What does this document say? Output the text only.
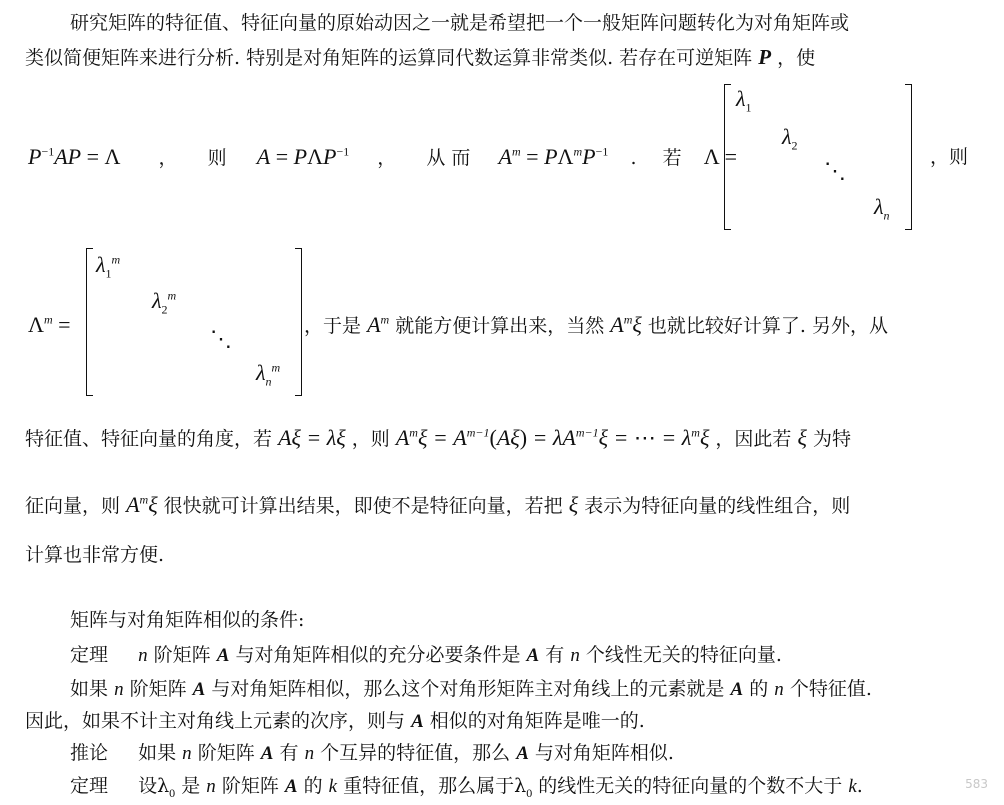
研究矩阵的特征值、特征向量的原始动因之一就是希望把一个一般矩阵问题转化为对角矩阵或
类似简便矩阵来进行分析. 特别是对角矩阵的运算同代数运算非常类似. 若存在可逆矩阵 P ，使
$P^{-1}AP = \Lambda$ ，  则 $A = P\Lambda P^{-1}$ ，  从 而 $A^m = P\Lambda^mP^{-1}$ .  若 Λ =
$\lambda_1$
$\lambda_2$
⋱
$\lambda_n$
，则
$\Lambda^m$ =
$\lambda_1^m$
$\lambda_2^m$
⋱
$\lambda_n^m$
，于是 $A^m$ 就能方便计算出来，当然 $A^m\xi$ 也就比较好计算了. 另外，从
特征值、特征向量的角度，若 Aξ = λξ ，则 $A^m\xi = A^{m-1}(A\xi) = \lambda A^{m-1}\xi$ = ⋯ = $\lambda^m\xi$ ，因此若 ξ 为特
征向量，则 $A^m\xi$ 很快就可计算出结果，即使不是特征向量，若把 ξ 表示为特征向量的线性组合，则
计算也非常方便.
矩阵与对角矩阵相似的条件:
定理 n 阶矩阵 A 与对角矩阵相似的充分必要条件是 A 有 n 个线性无关的特征向量.
如果 n 阶矩阵 A 与对角矩阵相似，那么这个对角形矩阵主对角线上的元素就是 A 的 n 个特征值.
因此，如果不计主对角线上元素的次序，则与 A 相似的对角矩阵是唯一的.
推论 如果 n 阶矩阵 A 有 n 个互异的特征值，那么 A 与对角矩阵相似.
定理 设$\lambda_0$ 是 n 阶矩阵 A 的 k 重特征值，那么属于$\lambda_0$ 的线性无关的特征向量的个数不大于 k.	583
